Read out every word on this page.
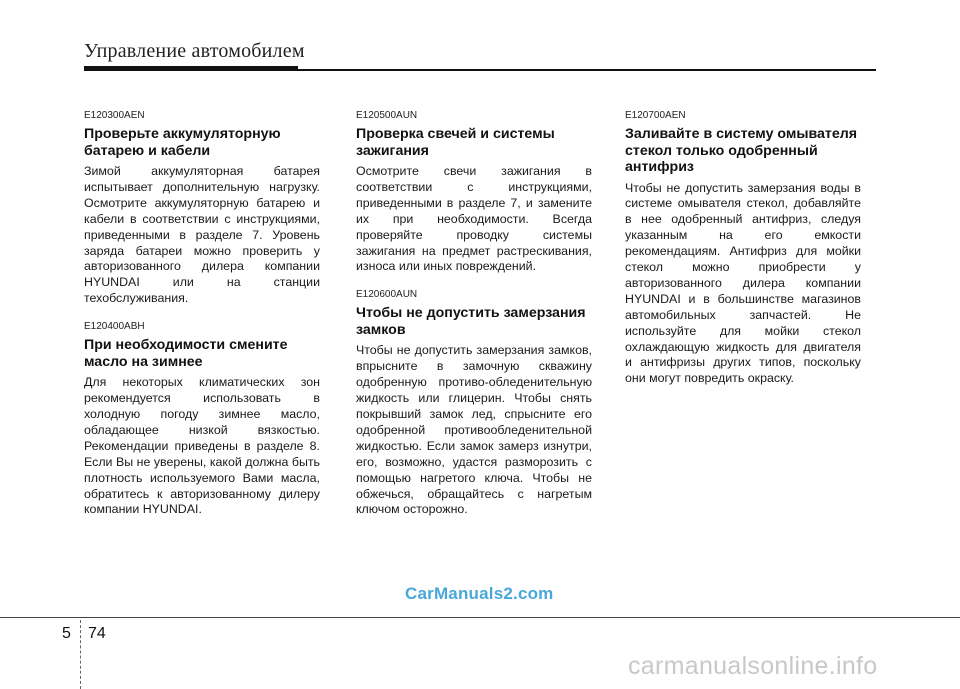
Управление автомобилем
E120300AEN
Проверьте аккумуляторную батарею и кабели
Зимой аккумуляторная батарея испытывает дополнительную нагрузку. Осмотрите аккумуляторную батарею и кабели в соответствии с инструкциями, приведенными в разделе 7. Уровень заряда батареи можно проверить у авторизованного дилера компании HYUNDAI или на станции техобслуживания.
E120400ABH
При необходимости смените масло на зимнее
Для некоторых климатических зон рекомендуется использовать в холодную погоду зимнее масло, обладающее низкой вязкостью. Рекомендации приведены в разделе 8. Если Вы не уверены, какой должна быть плотность используемого Вами масла, обратитесь к авторизованному дилеру компании HYUNDAI.
E120500AUN
Проверка свечей и системы зажигания
Осмотрите свечи зажигания в соответствии с инструкциями, приведенными в разделе 7, и замените их при необходимости. Всегда проверяйте проводку системы зажигания на предмет растрескивания, износа или иных повреждений.
E120600AUN
Чтобы не допустить замерзания замков
Чтобы не допустить замерзания замков, впрысните в замочную скважину одобренную противо-обледенительную жидкость или глицерин. Чтобы снять покрывший замок лед, спрысните его одобренной противообледенительной жидкостью. Если замок замерз изнутри, его, возможно, удастся разморозить с помощью нагретого ключа. Чтобы не обжечься, обращайтесь с нагретым ключом осторожно.
E120700AEN
Заливайте в систему омывателя стекол только одобренный антифриз
Чтобы не допустить замерзания воды в системе омывателя стекол, добавляйте в нее одобренный антифриз, следуя указанным на его емкости рекомендациям. Антифриз для мойки стекол можно приобрести у авторизованного дилера компании HYUNDAI и в большинстве магазинов автомобильных запчастей. Не используйте для мойки стекол охлаждающую жидкость для двигателя и антифризы других типов, поскольку они могут повредить окраску.
CarManuals2.com
5 74
carmanualsonline.info
